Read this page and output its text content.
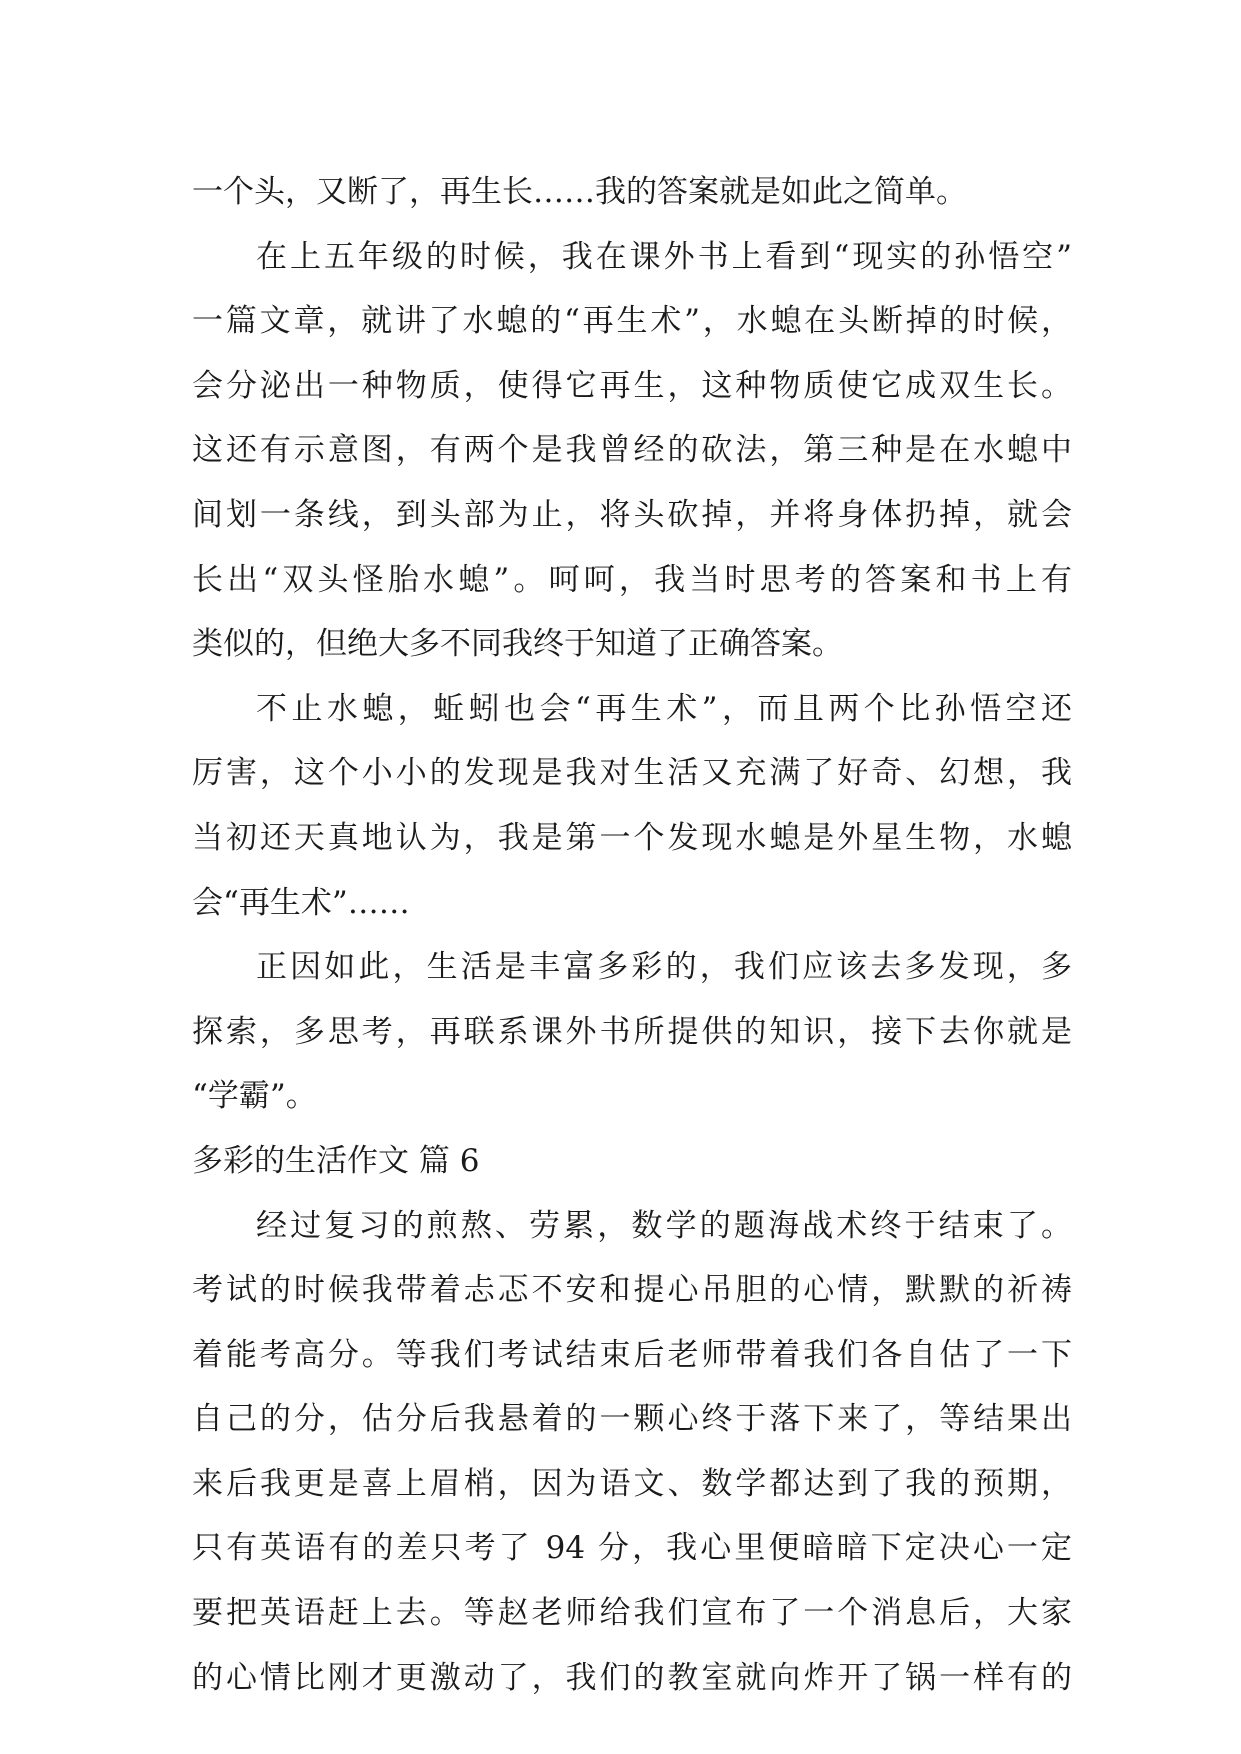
一个头，又断了，再生长……我的答案就是如此之简单。
在上五年级的时候，我在课外书上看到“现实的孙悟空”
一篇文章，就讲了水螅的“再生术”，水螅在头断掉的时候，
会分泌出一种物质，使得它再生，这种物质使它成双生长。
这还有示意图，有两个是我曾经的砍法，第三种是在水螅中
间划一条线，到头部为止，将头砍掉，并将身体扔掉，就会
长出“双头怪胎水螅”。呵呵，我当时思考的答案和书上有
类似的，但绝大多不同我终于知道了正确答案。
不止水螅，蚯蚓也会“再生术”，而且两个比孙悟空还
厉害，这个小小的发现是我对生活又充满了好奇、幻想，我
当初还天真地认为，我是第一个发现水螅是外星生物，水螅
会“再生术”……
正因如此，生活是丰富多彩的，我们应该去多发现，多
探索，多思考，再联系课外书所提供的知识，接下去你就是
“学霸”。
多彩的生活作文 篇 6
经过复习的煎熬、劳累，数学的题海战术终于结束了。
考试的时候我带着忐忑不安和提心吊胆的心情，默默的祈祷
着能考高分。等我们考试结束后老师带着我们各自估了一下
自己的分，估分后我悬着的一颗心终于落下来了，等结果出
来后我更是喜上眉梢，因为语文、数学都达到了我的预期，
只有英语有的差只考了 94 分，我心里便暗暗下定决心一定
要把英语赶上去。等赵老师给我们宣布了一个消息后，大家
的心情比刚才更激动了，我们的教室就向炸开了锅一样有的
